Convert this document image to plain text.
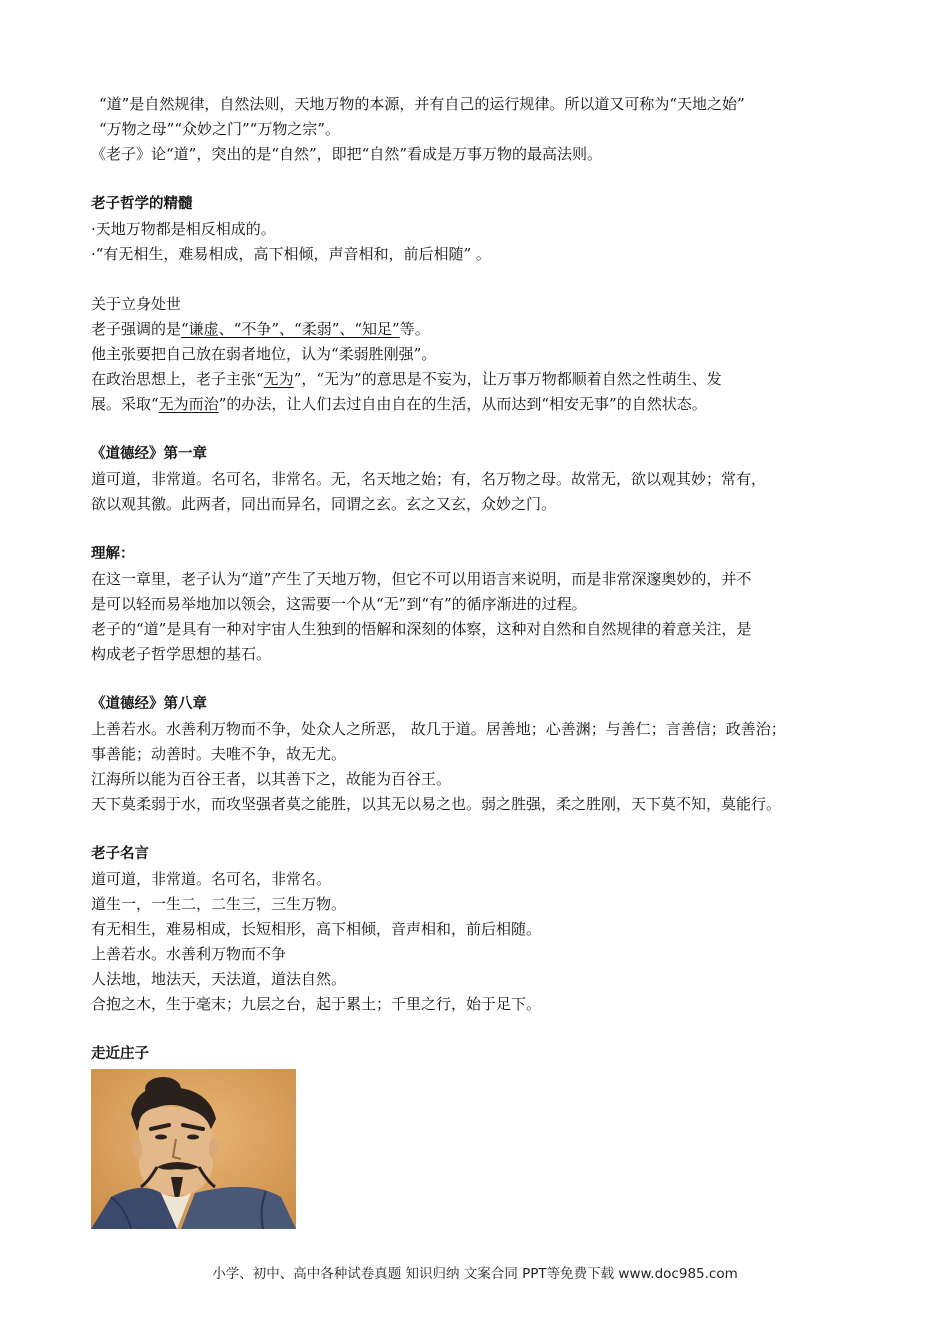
“道”是自然规律，自然法则，天地万物的本源，并有自己的运行规律。所以道又可称为“天地之始”
“万物之母”“众妙之门”“万物之宗”。
《老子》论“道”，突出的是“自然”，即把“自然”看成是万事万物的最高法则。
老子哲学的精髓
·天地万物都是相反相成的。
·“有无相生，难易相成，高下相倾，声音相和，前后相随” 。
关于立身处世
老子强调的是“谦虚、“不争”、“柔弱”、“知足”等。
他主张要把自己放在弱者地位，认为“柔弱胜刚强”。
在政治思想上，老子主张“无为”，“无为”的意思是不妄为，让万事万物都顺着自然之性萌生、发
展。采取“无为而治”的办法，让人们去过自由自在的生活，从而达到“相安无事”的自然状态。
《道德经》第一章
道可道，非常道。名可名，非常名。无，名天地之始；有，名万物之母。故常无，欲以观其妙；常有，
欲以观其徼。此两者，同出而异名，同谓之玄。玄之又玄，众妙之门。
理解：
在这一章里，老子认为“道”产生了天地万物，但它不可以用语言来说明，而是非常深邃奥妙的，并不
是可以轻而易举地加以领会，这需要一个从“无”到“有”的循序渐进的过程。
老子的“道”是具有一种对宇宙人生独到的悟解和深刻的体察，这种对自然和自然规律的着意关注，是
构成老子哲学思想的基石。
《道德经》第八章
上善若水。水善利万物而不争，处众人之所恶， 故几于道。居善地；心善渊；与善仁；言善信；政善治；
事善能；动善时。夫唯不争，故无尤。
江海所以能为百谷王者，以其善下之，故能为百谷王。
天下莫柔弱于水，而攻坚强者莫之能胜，以其无以易之也。弱之胜强，柔之胜刚，天下莫不知，莫能行。
老子名言
道可道，非常道。名可名，非常名。
道生一，一生二，二生三，三生万物。
有无相生，难易相成，长短相形，高下相倾，音声相和，前后相随。
上善若水。水善利万物而不争
人法地，地法天，天法道，道法自然。
合抱之木，生于毫末；九层之台，起于累土；千里之行，始于足下。
走近庄子
小学、初中、高中各种试卷真题 知识归纳 文案合同 PPT等免费下载 www.doc985.com
